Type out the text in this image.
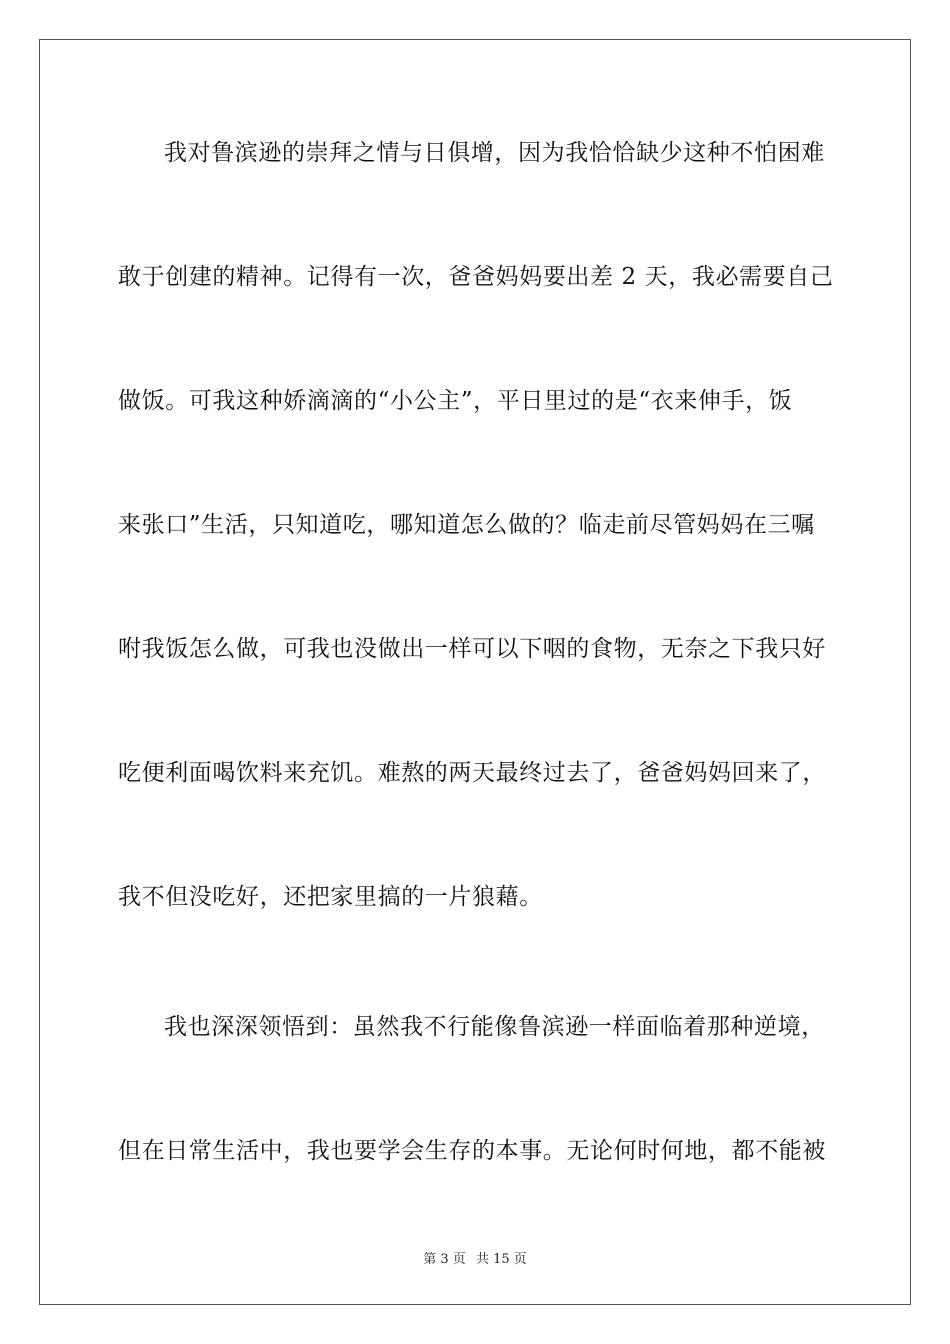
我对鲁滨逊的崇拜之情与日俱增，因为我恰恰缺少这种不怕困难
敢于创建的精神。记得有一次，爸爸妈妈要出差 2 天，我必需要自己
做饭。可我这种娇滴滴的“小公主”，平日里过的是“衣来伸手，饭
来张口”生活，只知道吃，哪知道怎么做的？临走前尽管妈妈在三嘱
咐我饭怎么做，可我也没做出一样可以下咽的食物，无奈之下我只好
吃便利面喝饮料来充饥。难熬的两天最终过去了，爸爸妈妈回来了，
我不但没吃好，还把家里搞的一片狼藉。
我也深深领悟到：虽然我不行能像鲁滨逊一样面临着那种逆境，
但在日常生活中，我也要学会生存的本事。无论何时何地，都不能被
第 3 页 共 15 页
